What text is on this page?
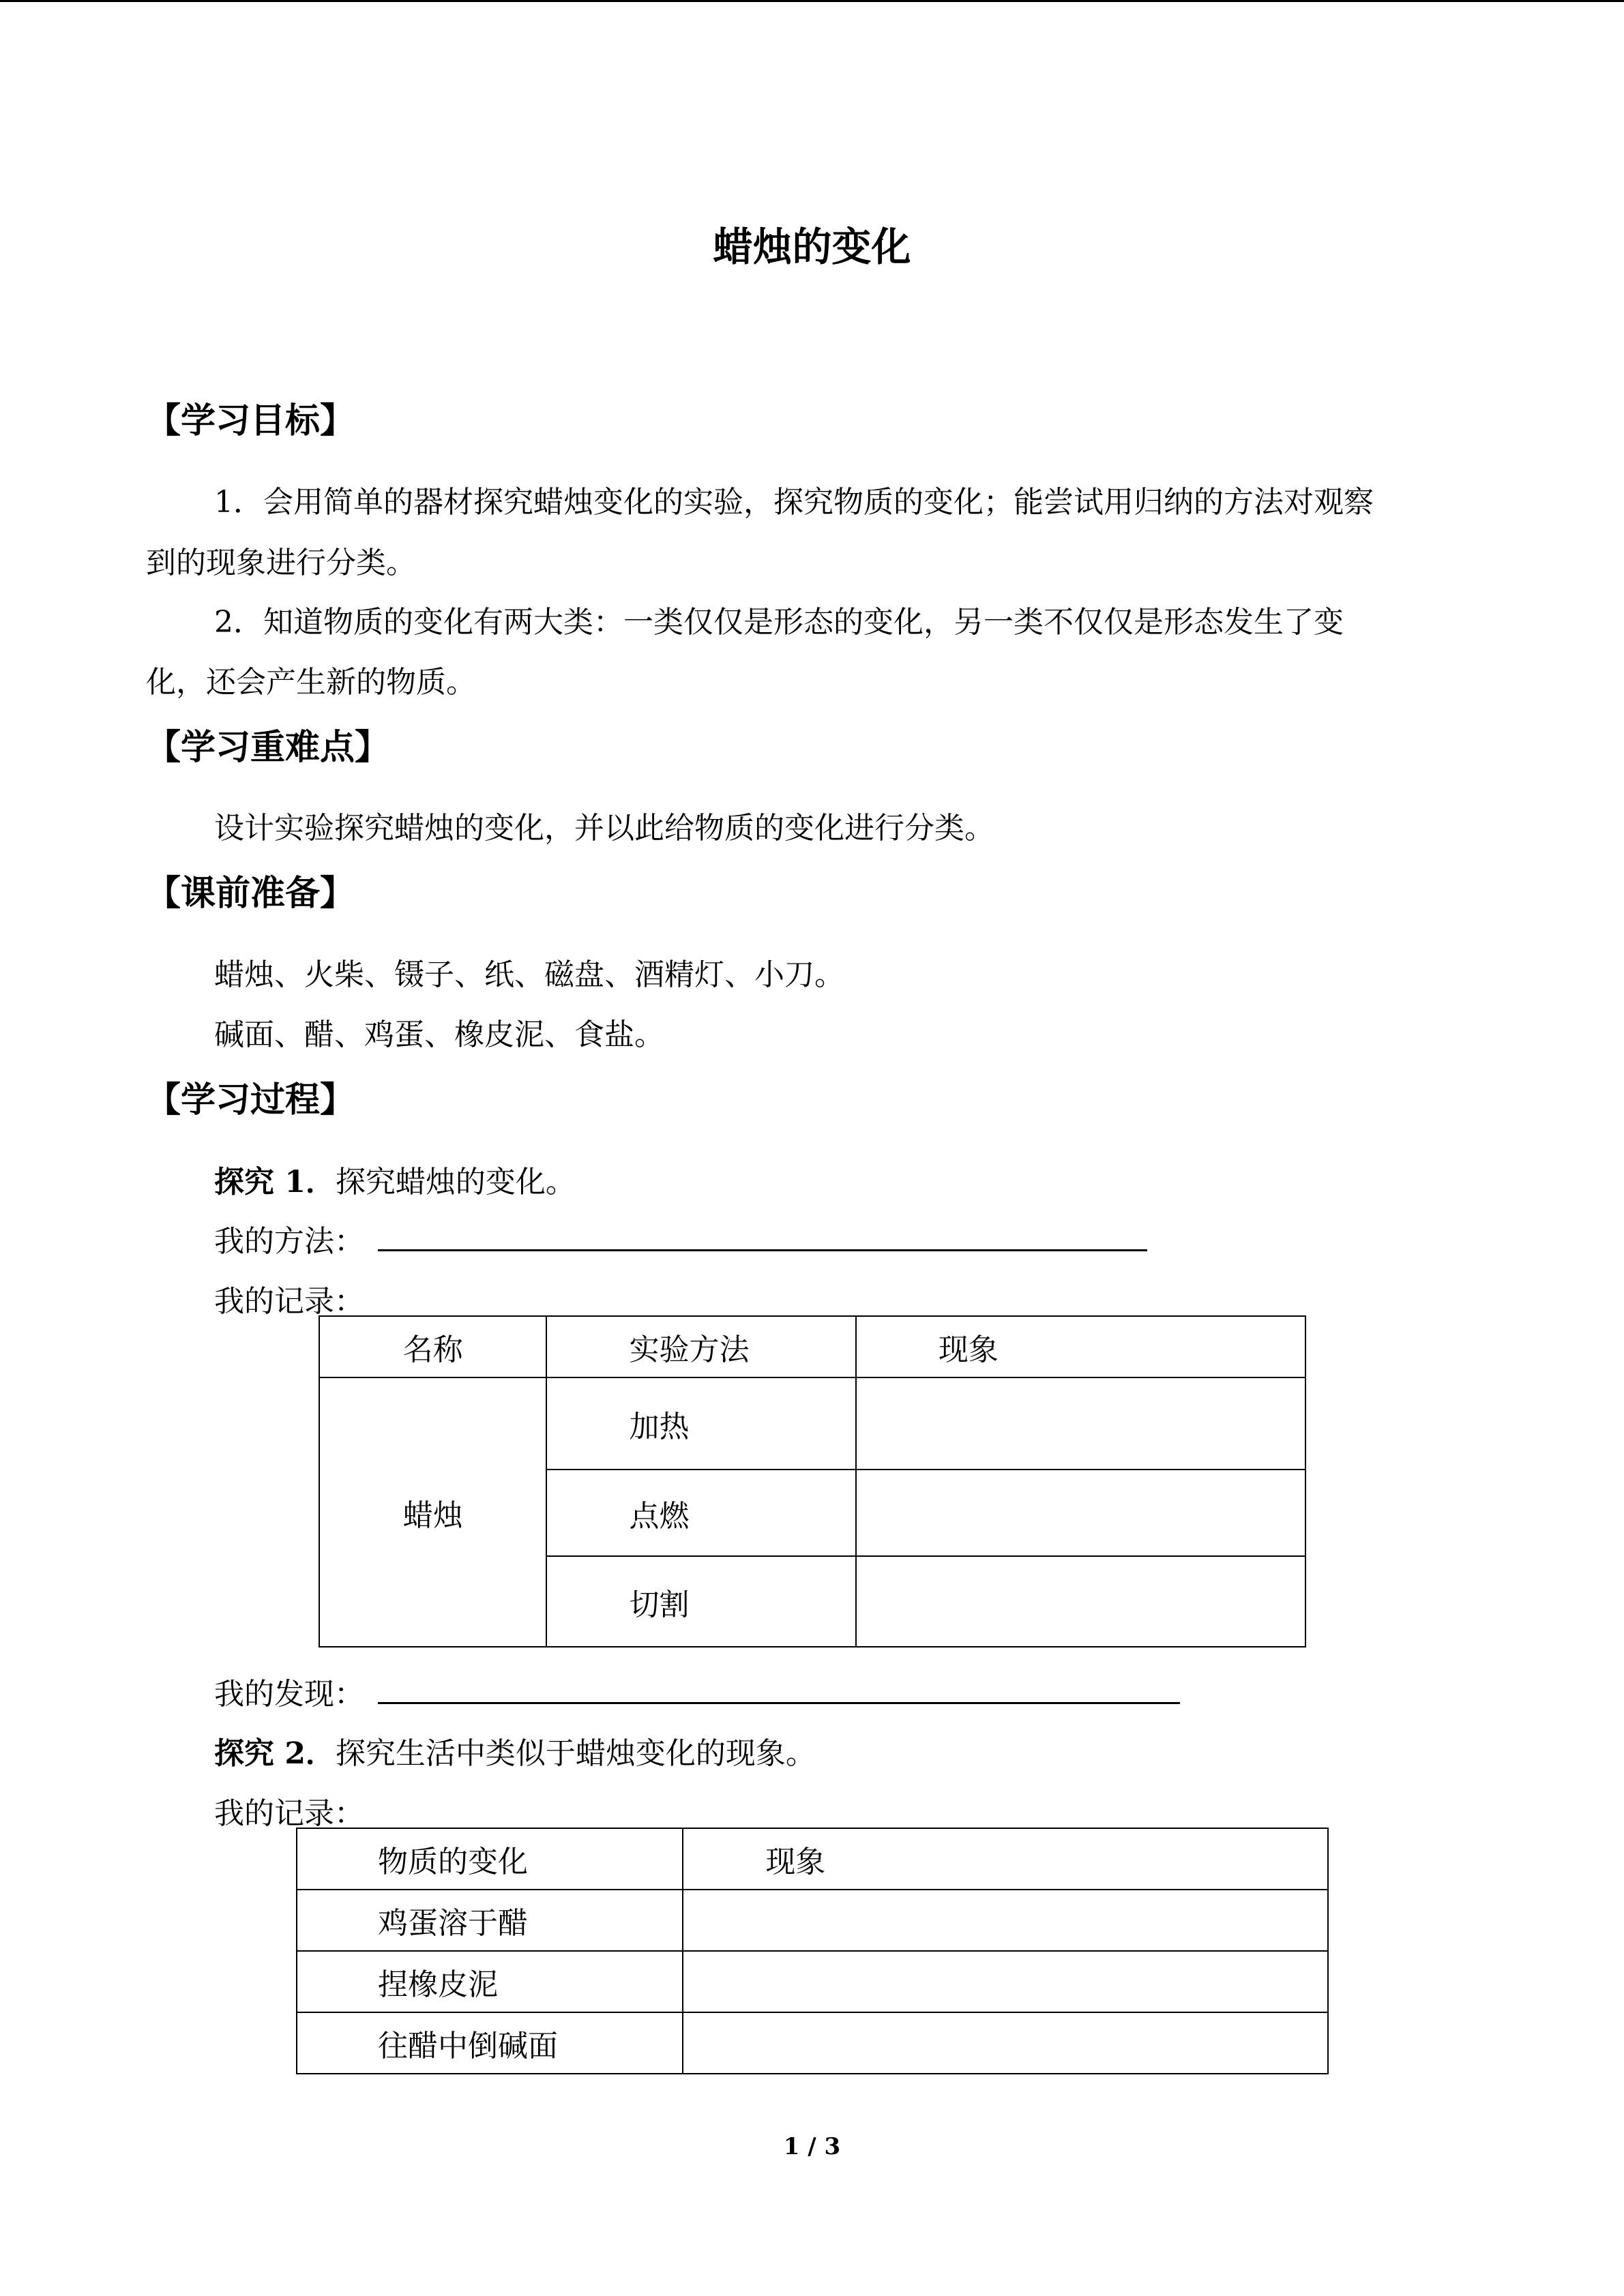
蜡烛的变化
【学习目标】
1．会用简单的器材探究蜡烛变化的实验，探究物质的变化；能尝试用归纳的方法对观察
到的现象进行分类。
2．知道物质的变化有两大类：一类仅仅是形态的变化，另一类不仅仅是形态发生了变
化，还会产生新的物质。
【学习重难点】
设计实验探究蜡烛的变化，并以此给物质的变化进行分类。
【课前准备】
蜡烛、火柴、镊子、纸、磁盘、酒精灯、小刀。
碱面、醋、鸡蛋、橡皮泥、食盐。
【学习过程】
探究 1．探究蜡烛的变化。
我的方法：
我的记录：
名称	实验方法	现象
蜡烛	加热	
	点燃	
	切割	
我的发现：
探究 2．探究生活中类似于蜡烛变化的现象。
我的记录：
物质的变化	现象
鸡蛋溶于醋	
捏橡皮泥	
往醋中倒碱面	
1 / 3
